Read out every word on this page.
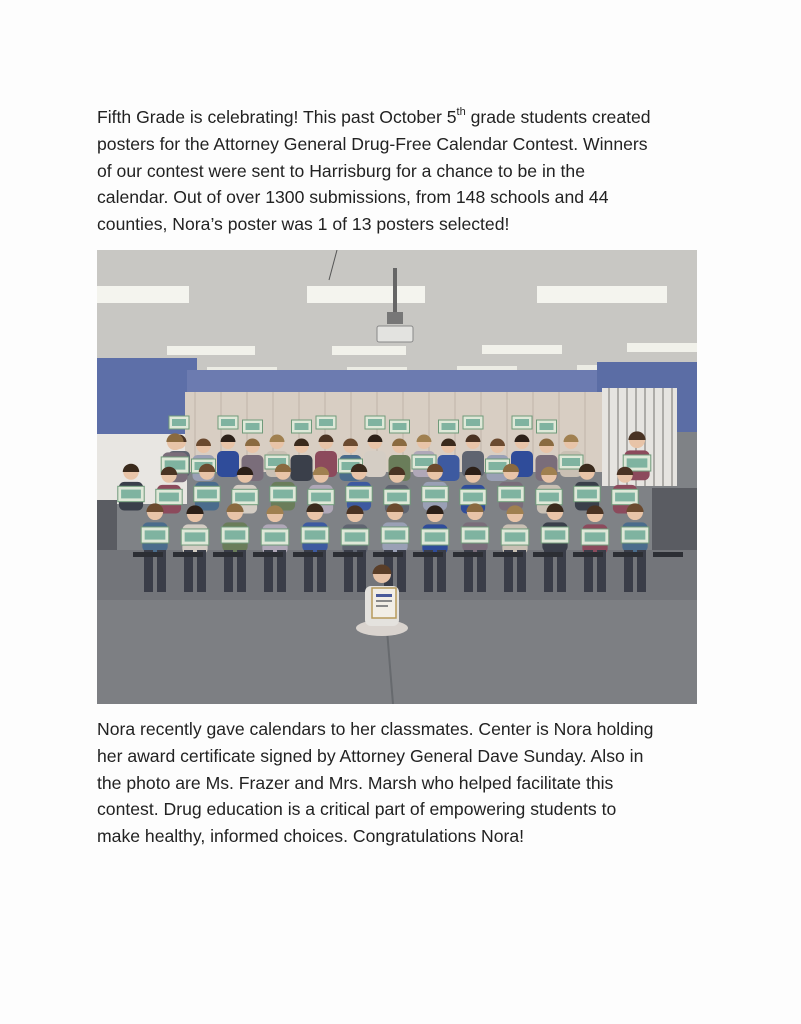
Fifth Grade is celebrating! This past October 5th grade students created
posters for the Attorney General Drug-Free Calendar Contest. Winners
of our contest were sent to Harrisburg for a chance to be in the
calendar. Out of over 1300 submissions, from 148 schools and 44
counties, Nora’s poster was 1 of 13 posters selected!

Nora recently gave calendars to her classmates. Center is Nora holding
her award certificate signed by Attorney General Dave Sunday. Also in
the photo are Ms. Frazer and Mrs. Marsh who helped facilitate this
contest. Drug education is a critical part of empowering students to
make healthy, informed choices. Congratulations Nora!
